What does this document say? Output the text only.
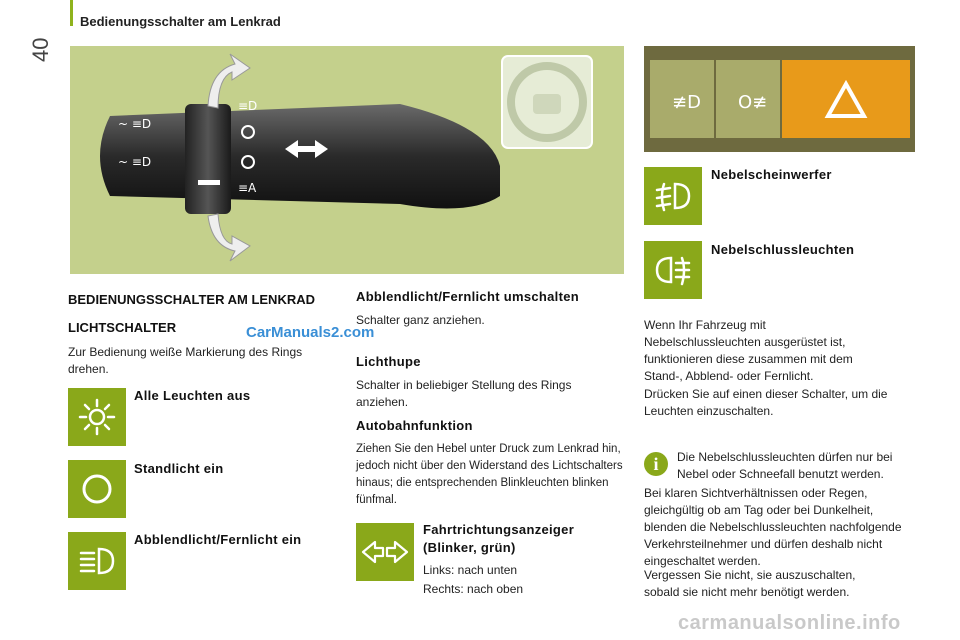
Bedienungsschalter am Lenkrad
40
~ ≡D
~ ≡D
≡D
≡A
≢D O≢
BEDIENUNGSSCHALTER AM LENKRAD
LICHTSCHALTER
Zur Bedienung weiße Markierung des Rings drehen.
CarManuals2.com
Alle Leuchten aus
Standlicht ein
Abblendlicht/Fernlicht ein
Abblendlicht/Fernlicht umschalten
Schalter ganz anziehen.
Lichthupe
Schalter in beliebiger Stellung des Rings anziehen.
Autobahnfunktion
Ziehen Sie den Hebel unter Druck zum Lenkrad hin, jedoch nicht über den Widerstand des Lichtschalters hinaus; die entsprechenden Blinkleuchten blinken fünfmal.
Fahrtrichtungsanzeiger
(Blinker, grün)
Links: nach unten
Rechts: nach oben
Nebelscheinwerfer
Nebelschlussleuchten
Wenn Ihr Fahrzeug mit Nebelschlussleuchten ausgerüstet ist, funktionieren diese zusammen mit dem Stand-, Abblend- oder Fernlicht.
Drücken Sie auf einen dieser Schalter, um die Leuchten einzuschalten.
i	Die Nebelschlussleuchten dürfen nur bei Nebel oder Schneefall benutzt werden.
Bei klaren Sichtverhältnissen oder Regen, gleichgültig ob am Tag oder bei Dunkelheit, blenden die Nebelschlussleuchten nachfolgende Verkehrsteilnehmer und dürfen deshalb nicht eingeschaltet werden.
Vergessen Sie nicht, sie auszuschalten, sobald sie nicht mehr benötigt werden.
carmanualsonline.info
